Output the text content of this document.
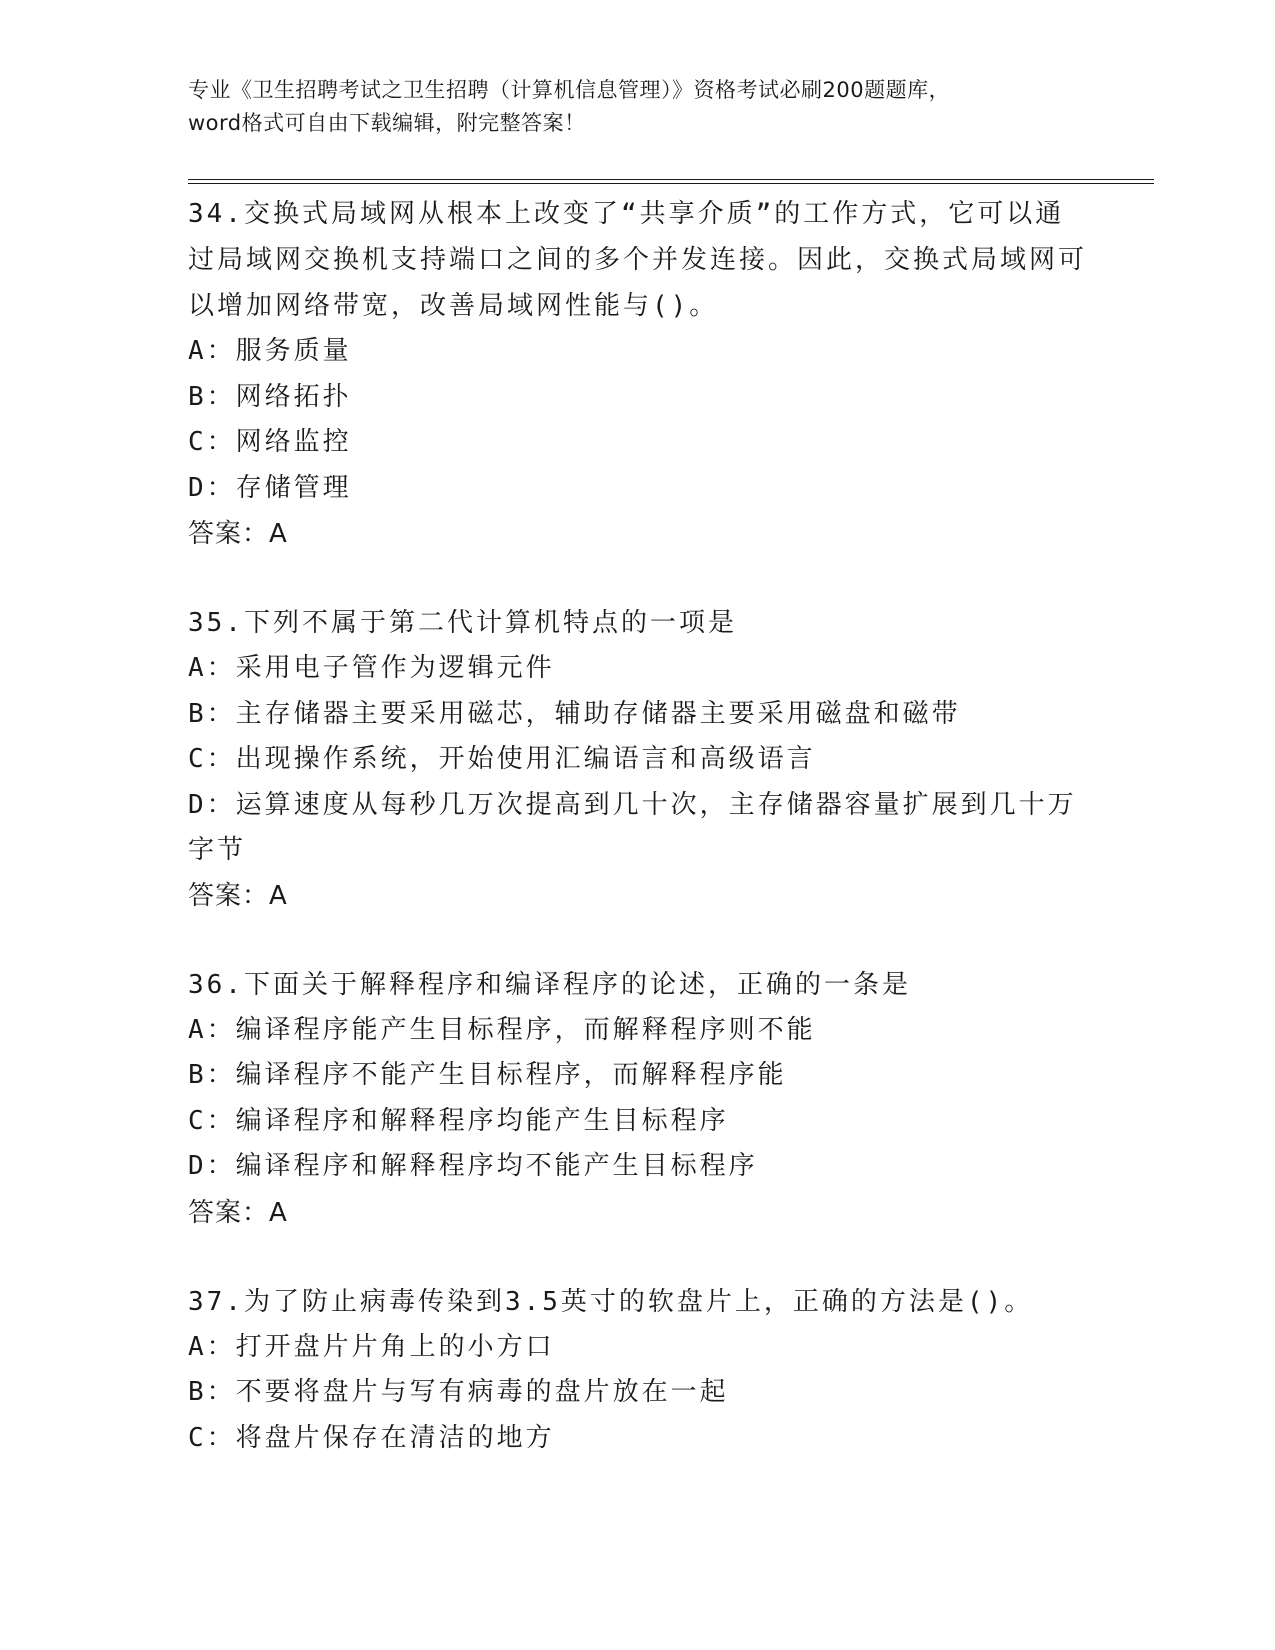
专业《卫生招聘考试之卫生招聘（计算机信息管理）》资格考试必刷200题题库，
word格式可自由下载编辑，附完整答案！
34.交换式局域网从根本上改变了“共享介质”的工作方式，它可以通过局域网交换机支持端口之间的多个并发连接。因此，交换式局域网可以增加网络带宽，改善局域网性能与()。
A：服务质量
B：网络拓扑
C：网络监控
D：存储管理
答案：A
35.下列不属于第二代计算机特点的一项是
A：采用电子管作为逻辑元件
B：主存储器主要采用磁芯，辅助存储器主要采用磁盘和磁带
C：出现操作系统，开始使用汇编语言和高级语言
D：运算速度从每秒几万次提高到几十次，主存储器容量扩展到几十万字节
答案：A
36.下面关于解释程序和编译程序的论述，正确的一条是
A：编译程序能产生目标程序，而解释程序则不能
B：编译程序不能产生目标程序，而解释程序能
C：编译程序和解释程序均能产生目标程序
D：编译程序和解释程序均不能产生目标程序
答案：A
37.为了防止病毒传染到3.5英寸的软盘片上，正确的方法是()。
A：打开盘片片角上的小方口
B：不要将盘片与写有病毒的盘片放在一起
C：将盘片保存在清洁的地方
